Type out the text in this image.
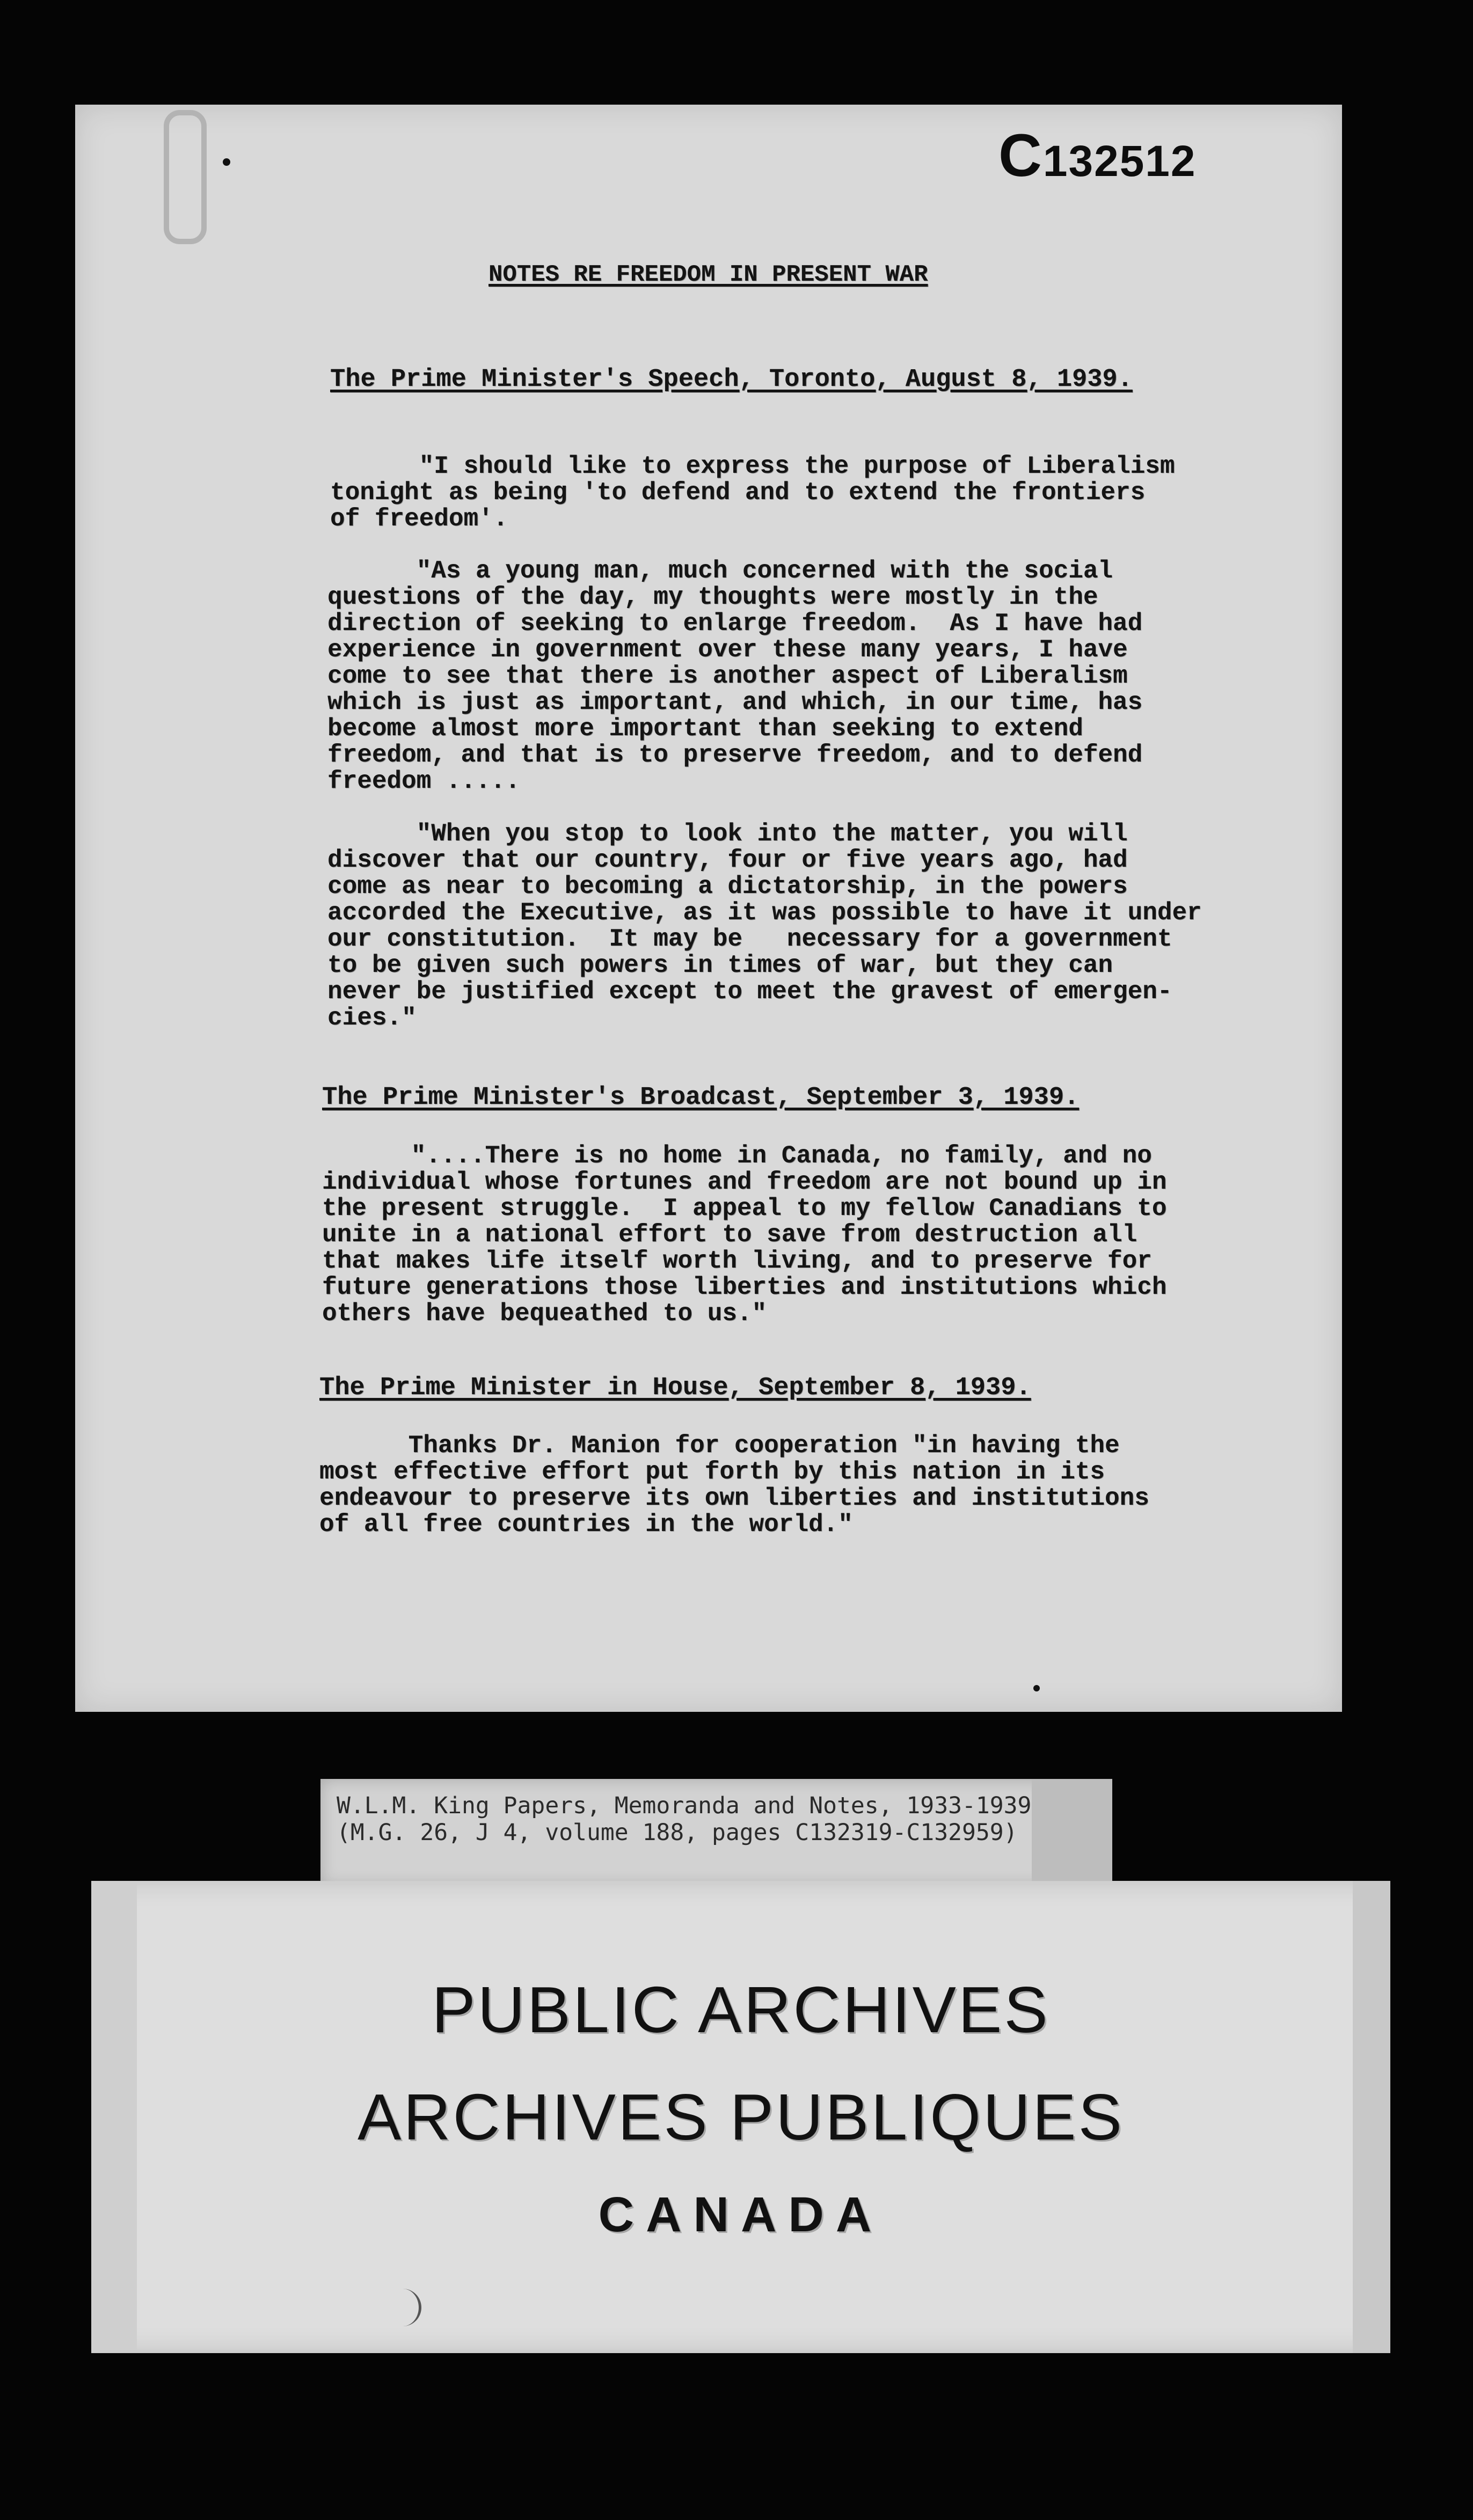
C132512
NOTES RE FREEDOM IN PRESENT WAR
The Prime Minister's Speech, Toronto, August 8, 1939.
"I should like to express the purpose of Liberalism
tonight as being 'to defend and to extend the frontiers
of freedom'.
"As a young man, much concerned with the social
questions of the day, my thoughts were mostly in the
direction of seeking to enlarge freedom.  As I have had
experience in government over these many years, I have
come to see that there is another aspect of Liberalism
which is just as important, and which, in our time, has
become almost more important than seeking to extend
freedom, and that is to preserve freedom, and to defend
freedom .....
"When you stop to look into the matter, you will
discover that our country, four or five years ago, had
come as near to becoming a dictatorship, in the powers
accorded the Executive, as it was possible to have it under
our constitution.  It may be   necessary for a government
to be given such powers in times of war, but they can
never be justified except to meet the gravest of emergen-
cies."
The Prime Minister's Broadcast, September 3, 1939.
"....There is no home in Canada, no family, and no
individual whose fortunes and freedom are not bound up in
the present struggle.  I appeal to my fellow Canadians to
unite in a national effort to save from destruction all
that makes life itself worth living, and to preserve for
future generations those liberties and institutions which
others have bequeathed to us."
The Prime Minister in House, September 8, 1939.
Thanks Dr. Manion for cooperation "in having the
most effective effort put forth by this nation in its
endeavour to preserve its own liberties and institutions
of all free countries in the world."
W.L.M. King Papers, Memoranda and Notes, 1933-1939
(M.G. 26, J 4, volume 188, pages C132319-C132959)
PUBLIC ARCHIVES
ARCHIVES PUBLIQUES
CANADA
